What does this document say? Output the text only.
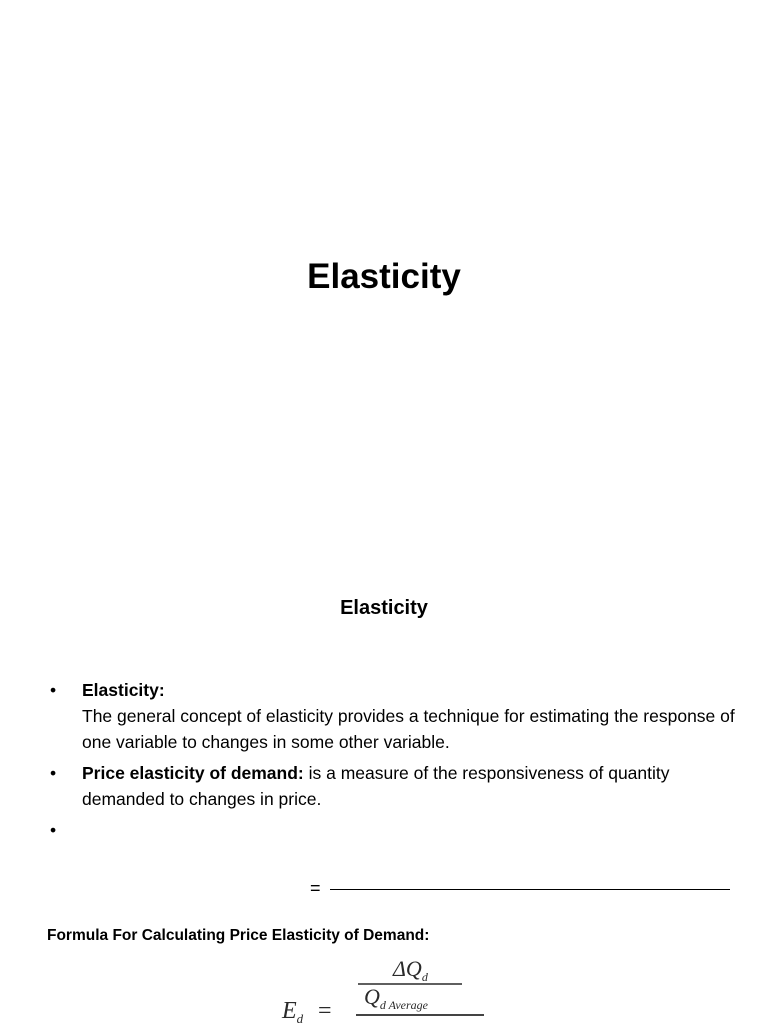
Elasticity
Elasticity
•
Elasticity:
The general concept of elasticity provides a technique for estimating the response of one variable to changes in some other variable.
•
Price elasticity of demand: is a measure of the responsiveness of quantity demanded to changes in price.
•
=

Formula For Calculating Price Elasticity of Demand:

$\Delta Q_d$
$Q_{d Average}$
$E_d$ =
